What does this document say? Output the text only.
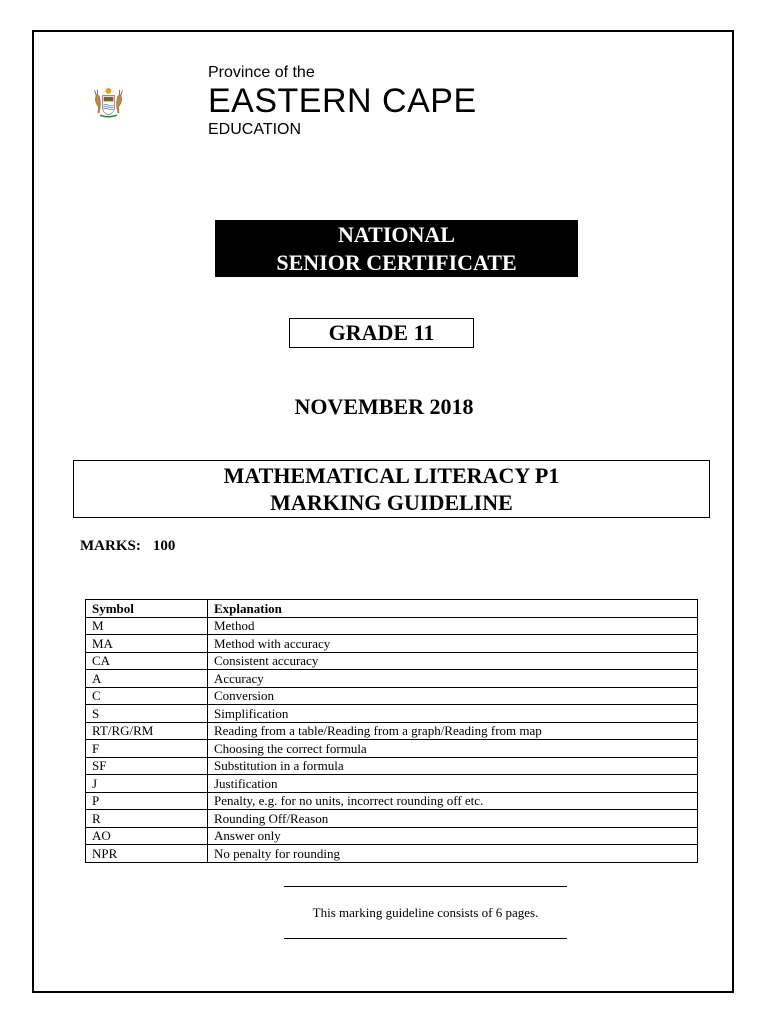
Province of the
EASTERN CAPE
EDUCATION
NATIONAL
SENIOR CERTIFICATE
GRADE 11
NOVEMBER 2018
MATHEMATICAL LITERACY P1
MARKING GUIDELINE
MARKS: 100
Symbol	Explanation
M	Method
MA	Method with accuracy
CA	Consistent accuracy
A	Accuracy
C	Conversion
S	Simplification
RT/RG/RM	Reading from a table/Reading from a graph/Reading from map
F	Choosing the correct formula
SF	Substitution in a formula
J	Justification
P	Penalty, e.g. for no units, incorrect rounding off etc.
R	Rounding Off/Reason
AO	Answer only
NPR	No penalty for rounding
This marking guideline consists of 6 pages.
